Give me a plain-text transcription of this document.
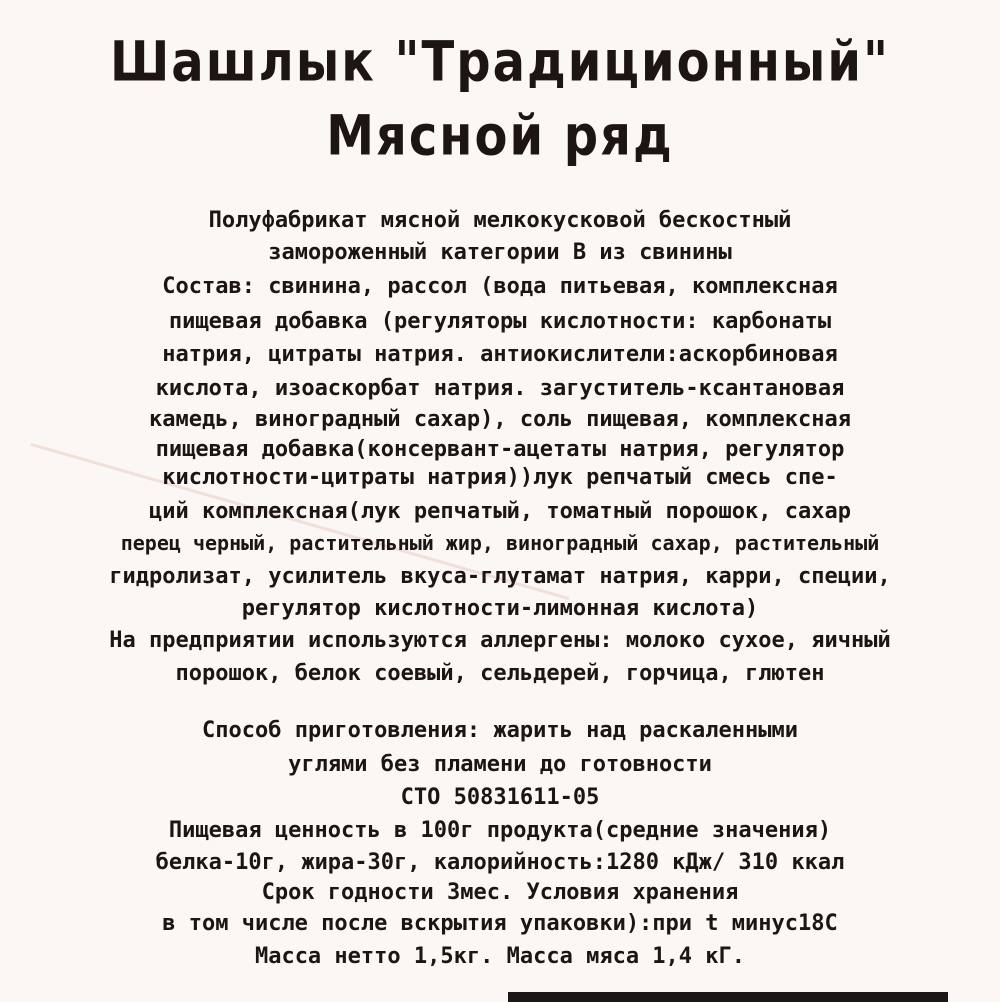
Шашлык "Традиционный"
Мясной ряд
Полуфабрикат мясной мелкокусковой бескостный
замороженный категории В из свинины
Состав: свинина, рассол (вода питьевая, комплексная
пищевая добавка (регуляторы кислотности: карбонаты
натрия, цитраты натрия. антиокислители:аскорбиновая
кислота, изоаскорбат натрия. загуститель-ксантановая
камедь, виноградный сахар), соль пищевая, комплексная
пищевая добавка(консервант-ацетаты натрия, регулятор
кислотности-цитраты натрия))лук репчатый смесь спе-
ций комплексная(лук репчатый, томатный порошок, сахар
перец черный, растительный жир, виноградный сахар, растительный
гидролизат, усилитель вкуса-глутамат натрия, карри, специи,
регулятор кислотности-лимонная кислота)
На предприятии используются аллергены: молоко сухое, яичный
порошок, белок соевый, сельдерей, горчица, глютен
Способ приготовления: жарить над раскаленными
углями без пламени до готовности
СТО 50831611-05
Пищевая ценность в 100г продукта(средние значения)
белка-10г, жира-30г, калорийность:1280 кДж/ 310 ккал
Срок годности 3мес. Условия хранения
в том числе после вскрытия упаковки):при t минус18С
Масса нетто 1,5кг. Масса мяса 1,4 кГ.
